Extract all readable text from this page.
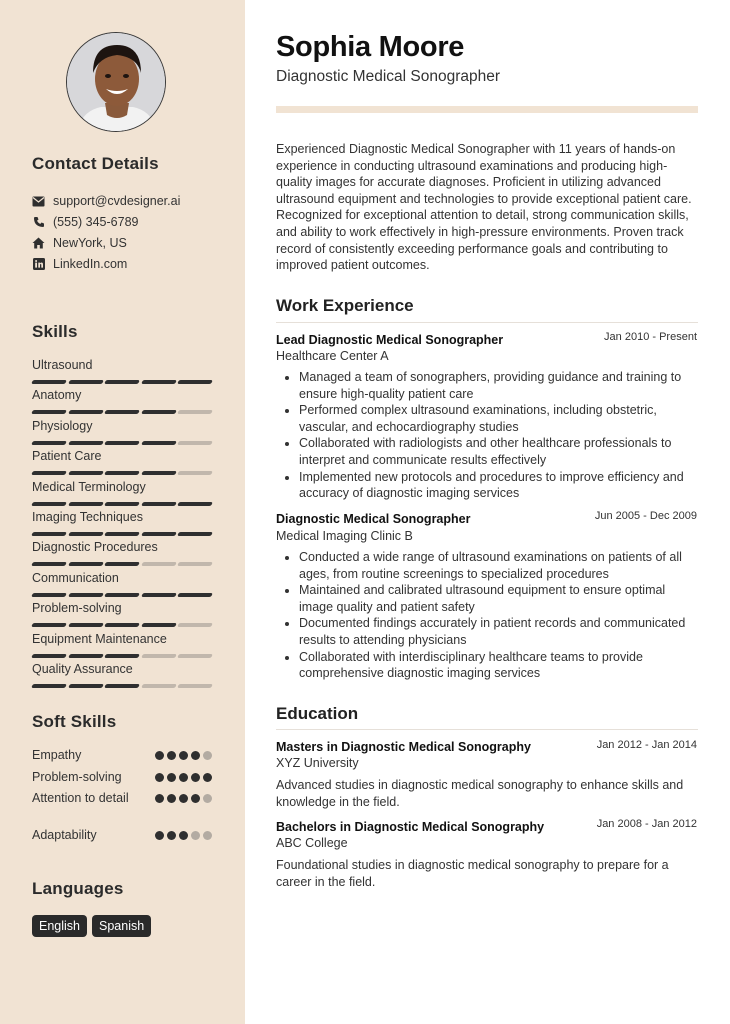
Contact Details
support@cvdesigner.ai
(555) 345-6789
NewYork, US
LinkedIn.com
Skills
Ultrasound
Anatomy
Physiology
Patient Care
Medical Terminology
Imaging Techniques
Diagnostic Procedures
Communication
Problem-solving
Equipment Maintenance
Quality Assurance
Soft Skills
Empathy
Problem-solving
Attention to detail
Adaptability
Languages
English	Spanish
Sophia Moore
Diagnostic Medical Sonographer
Experienced Diagnostic Medical Sonographer with 11 years of hands-on experience in conducting ultrasound examinations and producing high-quality images for accurate diagnoses. Proficient in utilizing advanced ultrasound equipment and technologies to provide exceptional patient care. Recognized for exceptional attention to detail, strong communication skills, and ability to work effectively in high-pressure environments. Proven track record of consistently exceeding performance goals and contributing to improved patient outcomes.
Work Experience
Lead Diagnostic Medical Sonographer	Jan 2010 - Present
Healthcare Center A
Managed a team of sonographers, providing guidance and training to ensure high-quality patient care
Performed complex ultrasound examinations, including obstetric, vascular, and echocardiography studies
Collaborated with radiologists and other healthcare professionals to interpret and communicate results effectively
Implemented new protocols and procedures to improve efficiency and accuracy of diagnostic imaging services
Diagnostic Medical Sonographer	Jun 2005 - Dec 2009
Medical Imaging Clinic B
Conducted a wide range of ultrasound examinations on patients of all ages, from routine screenings to specialized procedures
Maintained and calibrated ultrasound equipment to ensure optimal image quality and patient safety
Documented findings accurately in patient records and communicated results to attending physicians
Collaborated with interdisciplinary healthcare teams to provide comprehensive diagnostic imaging services
Education
Masters in Diagnostic Medical Sonography	Jan 2012 - Jan 2014
XYZ University
Advanced studies in diagnostic medical sonography to enhance skills and knowledge in the field.
Bachelors in Diagnostic Medical Sonography	Jan 2008 - Jan 2012
ABC College
Foundational studies in diagnostic medical sonography to prepare for a career in the field.
